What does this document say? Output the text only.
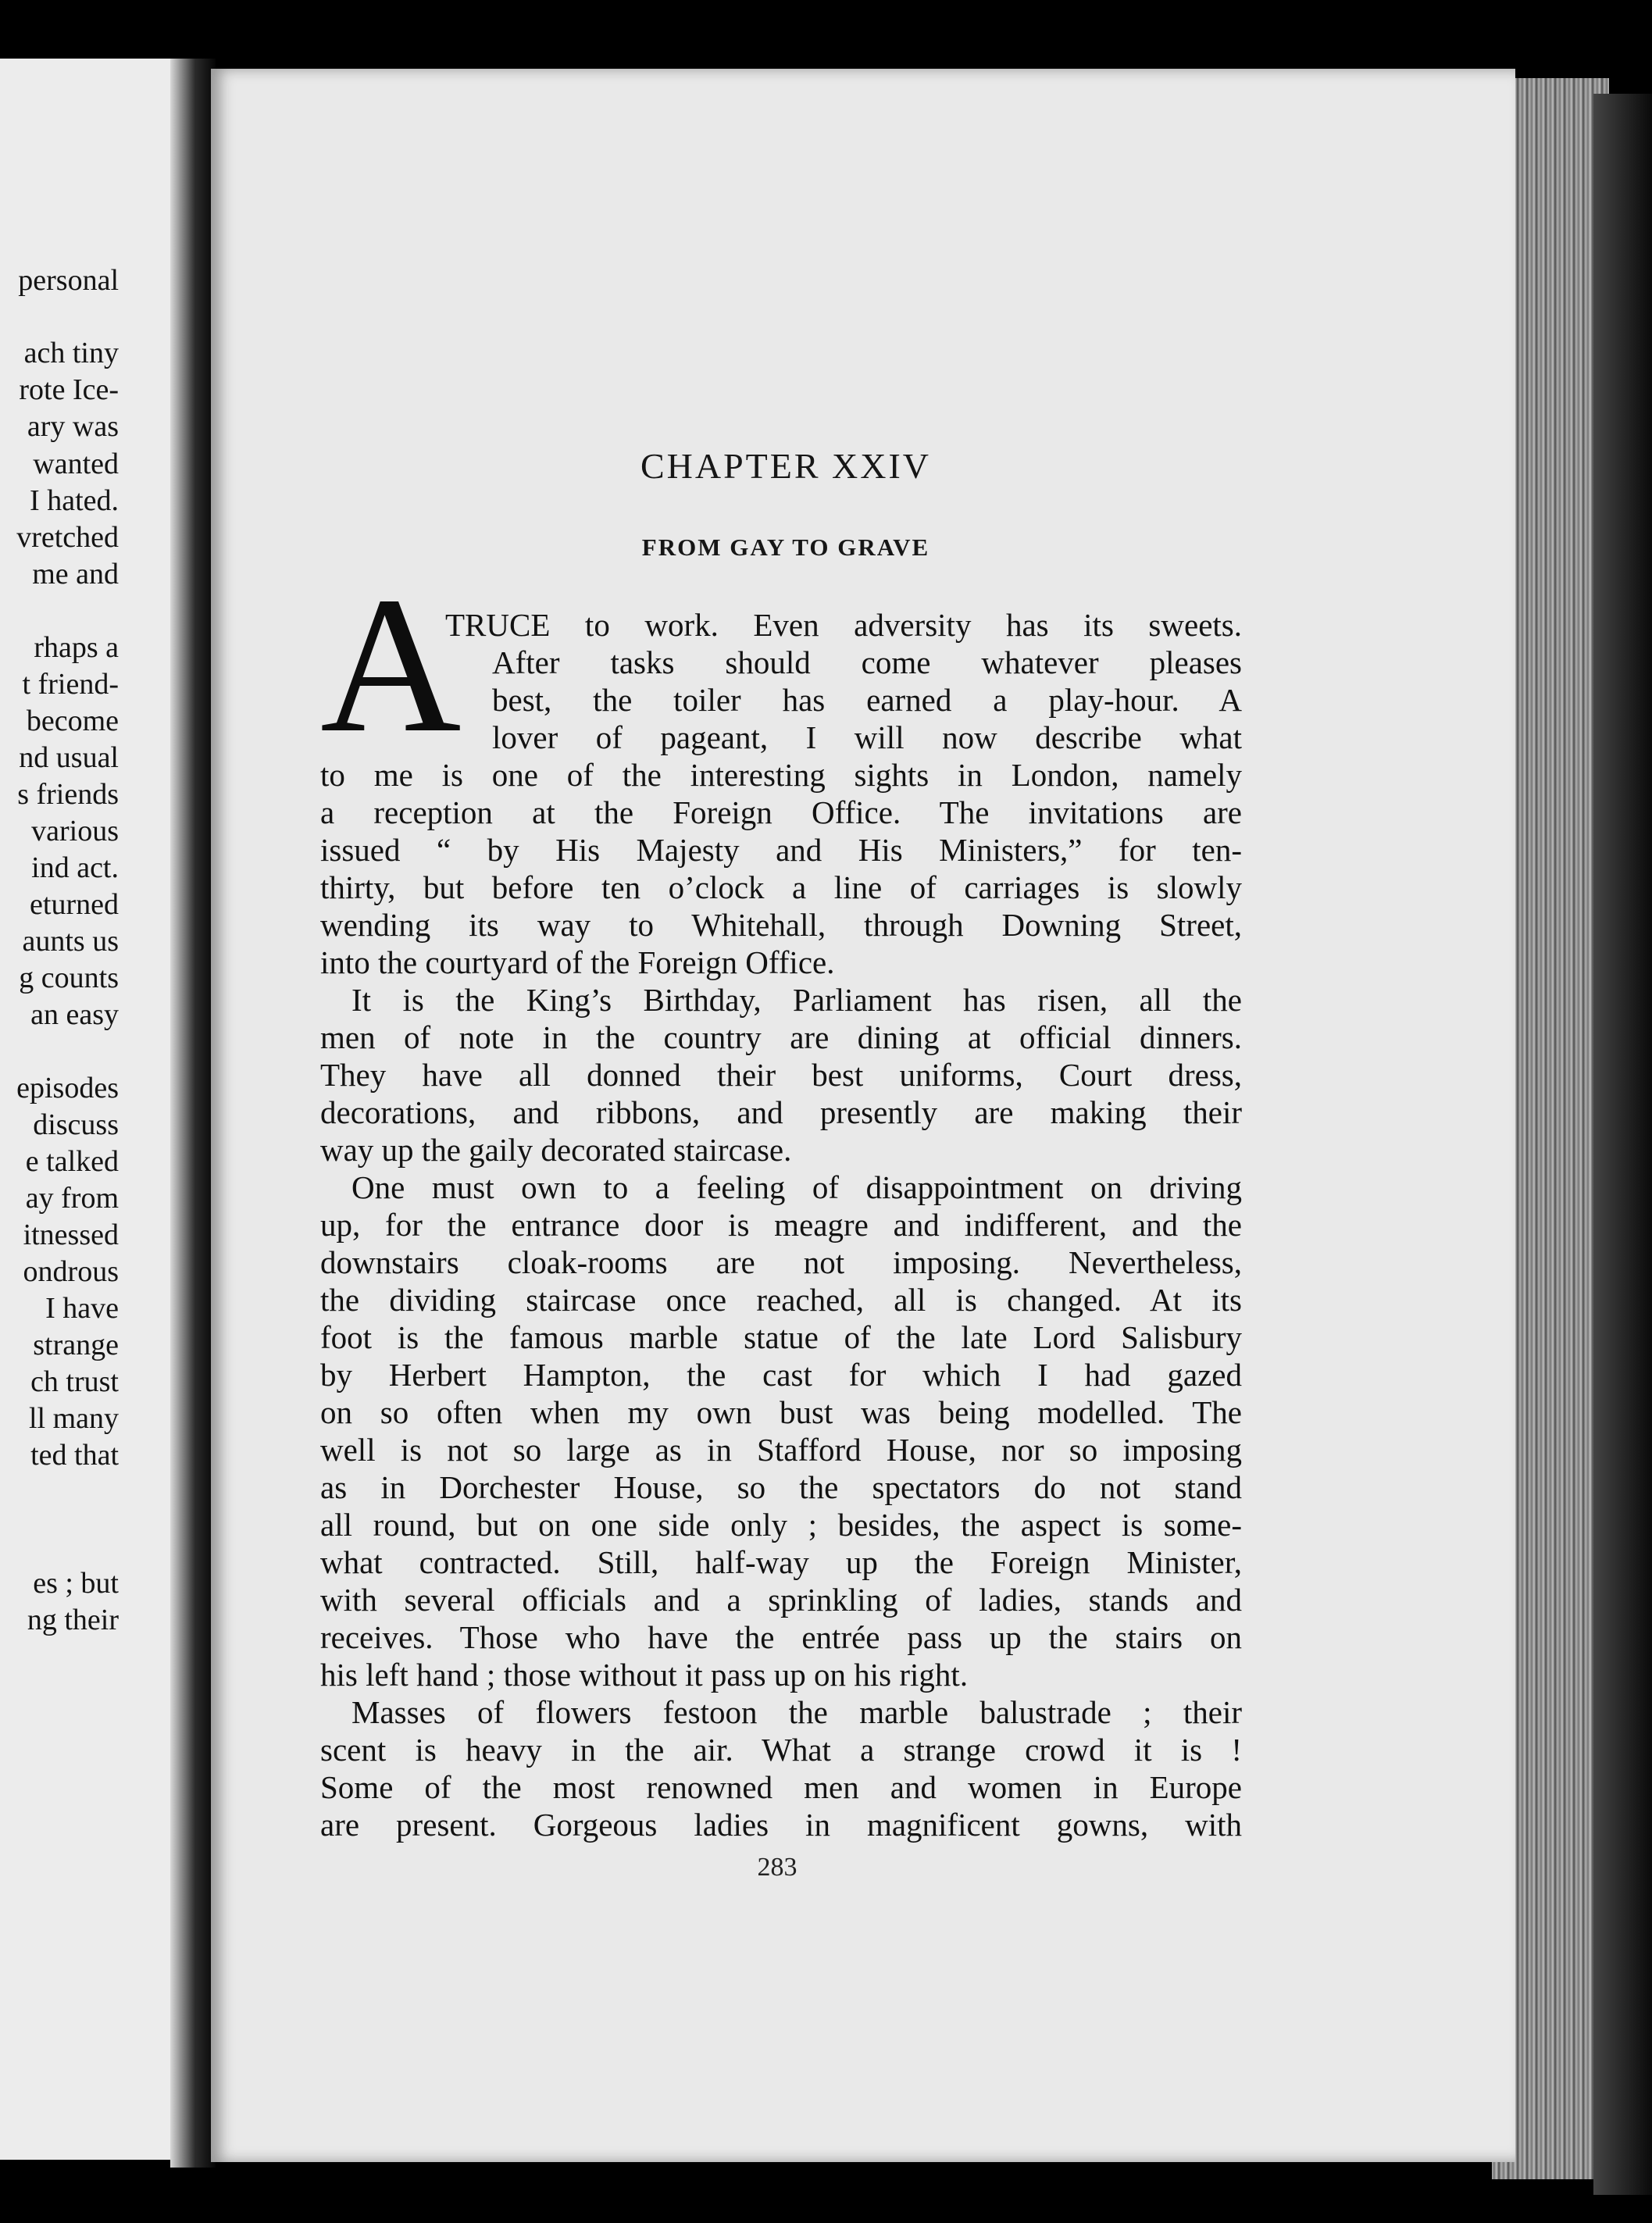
personal
ach tiny
rote Ice-
ary was
wanted
I hated.
vretched
me and
rhaps a
t friend-
become
nd usual
s friends
various
ind act.
eturned
aunts us
g counts
an easy
episodes
discuss
e talked
ay from
itnessed
ondrous
I have
strange
ch trust
ll many
ted that
es ; but
ng their
CHAPTER XXIV
FROM GAY TO GRAVE
A
TRUCE to work. Even adversity has its sweets.
After tasks should come whatever pleases
best, the toiler has earned a play-hour. A
lover of pageant, I will now describe what
to me is one of the interesting sights in London, namely
a reception at the Foreign Office. The invitations are
issued “ by His Majesty and His Ministers,” for ten-
thirty, but before ten o’clock a line of carriages is slowly
wending its way to Whitehall, through Downing Street,
into the courtyard of the Foreign Office.
It is the King’s Birthday, Parliament has risen, all the
men of note in the country are dining at official dinners.
They have all donned their best uniforms, Court dress,
decorations, and ribbons, and presently are making their
way up the gaily decorated staircase.
One must own to a feeling of disappointment on driving
up, for the entrance door is meagre and indifferent, and the
downstairs cloak-rooms are not imposing. Nevertheless,
the dividing staircase once reached, all is changed. At its
foot is the famous marble statue of the late Lord Salisbury
by Herbert Hampton, the cast for which I had gazed
on so often when my own bust was being modelled. The
well is not so large as in Stafford House, nor so imposing
as in Dorchester House, so the spectators do not stand
all round, but on one side only ; besides, the aspect is some-
what contracted. Still, half-way up the Foreign Minister,
with several officials and a sprinkling of ladies, stands and
receives. Those who have the entrée pass up the stairs on
his left hand ; those without it pass up on his right.
Masses of flowers festoon the marble balustrade ; their
scent is heavy in the air. What a strange crowd it is !
Some of the most renowned men and women in Europe
are present. Gorgeous ladies in magnificent gowns, with
283
